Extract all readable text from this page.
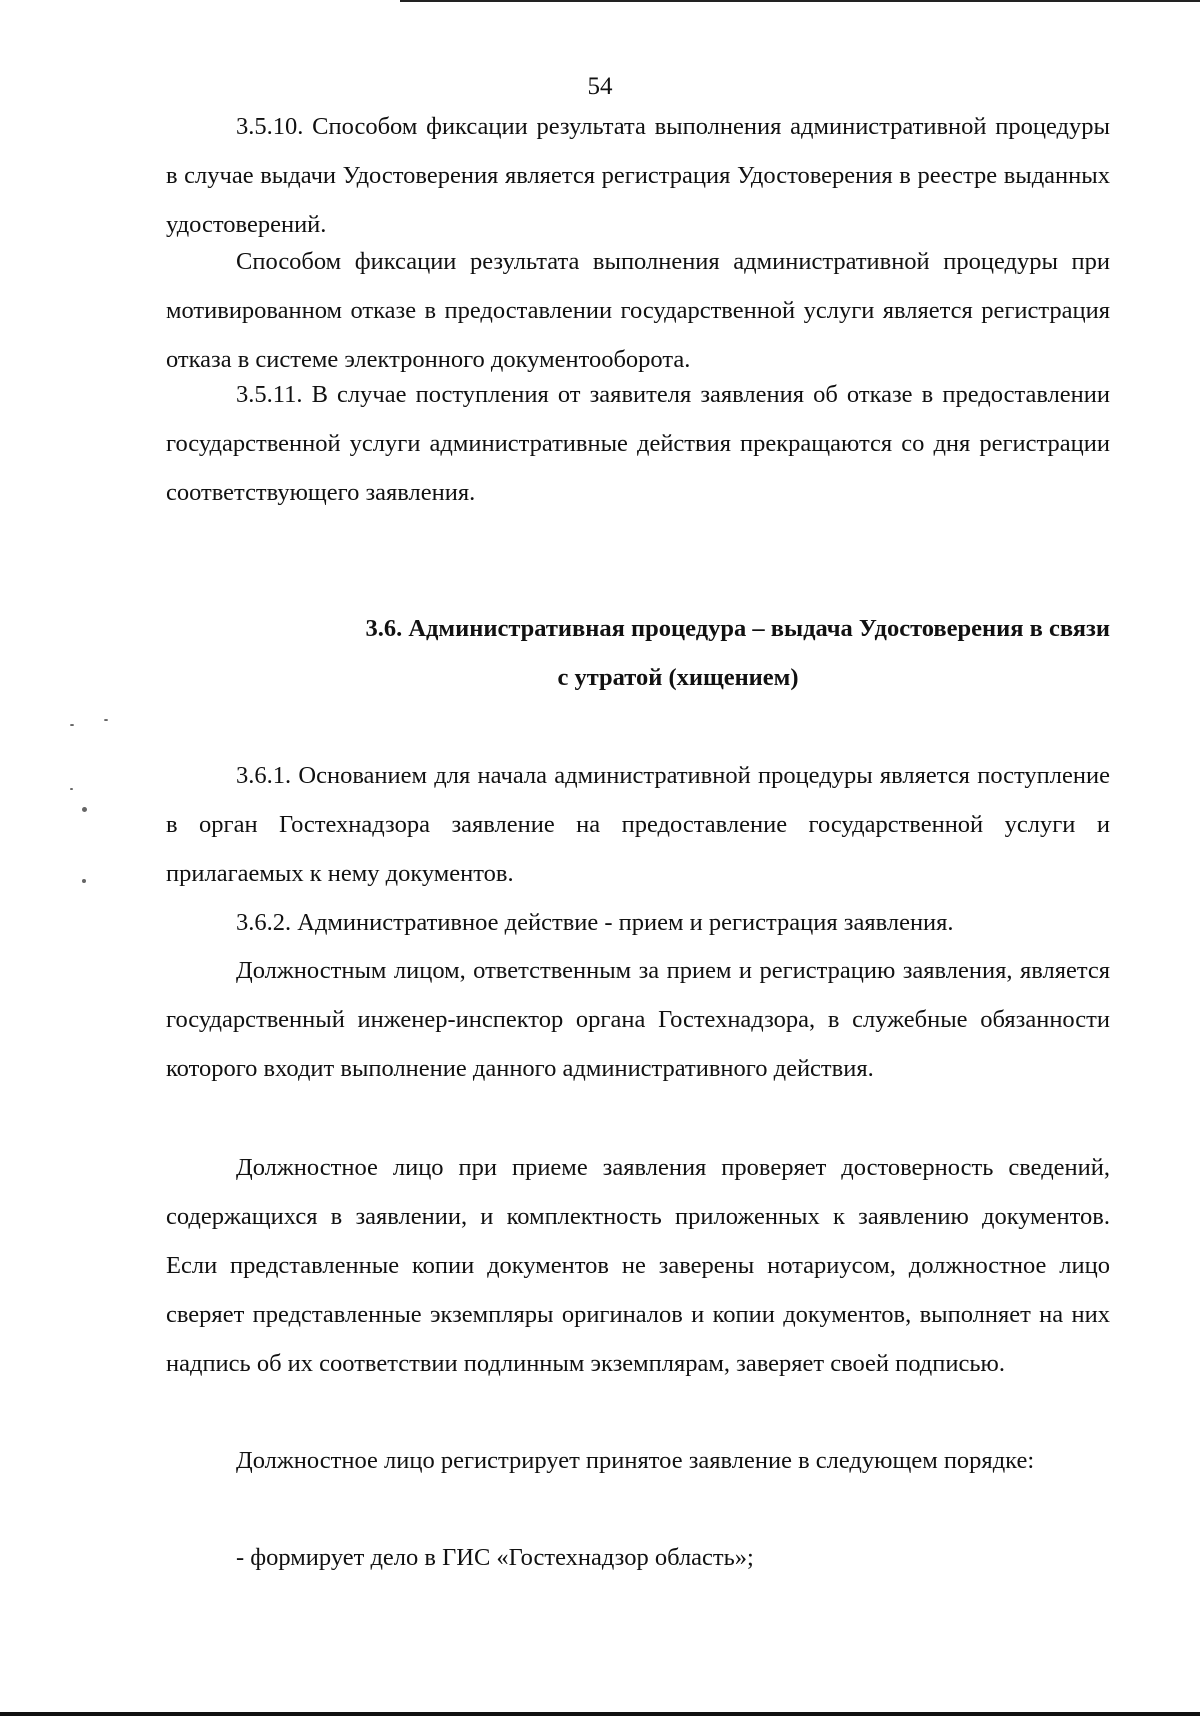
54

3.5.10. Способом фиксации результата выполнения административной процедуры в случае выдачи Удостоверения является регистрация Удостоверения в реестре выданных удостоверений.

Способом фиксации результата выполнения административной процедуры при мотивированном отказе в предоставлении государственной услуги является регистрация отказа в системе электронного документооборота.

3.5.11. В случае поступления от заявителя заявления об отказе в предоставлении государственной услуги административные действия прекращаются со дня регистрации соответствующего заявления.

3.6. Административная процедура – выдача Удостоверения в связи
с утратой (хищением)

3.6.1. Основанием для начала административной процедуры является поступление в орган Гостехнадзора заявление на предоставление государственной услуги и прилагаемых к нему документов.

3.6.2. Административное действие - прием и регистрация заявления.

Должностным лицом, ответственным за прием и регистрацию заявления, является государственный инженер-инспектор органа Гостехнадзора, в служебные обязанности которого входит выполнение данного административного действия.

Должностное лицо при приеме заявления проверяет достоверность сведений, содержащихся в заявлении, и комплектность приложенных к заявлению документов. Если представленные копии документов не заверены нотариусом, должностное лицо сверяет представленные экземпляры оригиналов и копии документов, выполняет на них надпись об их соответствии подлинным экземплярам, заверяет своей подписью.

Должностное лицо регистрирует принятое заявление в следующем порядке:

- формирует дело в ГИС «Гостехнадзор область»;
